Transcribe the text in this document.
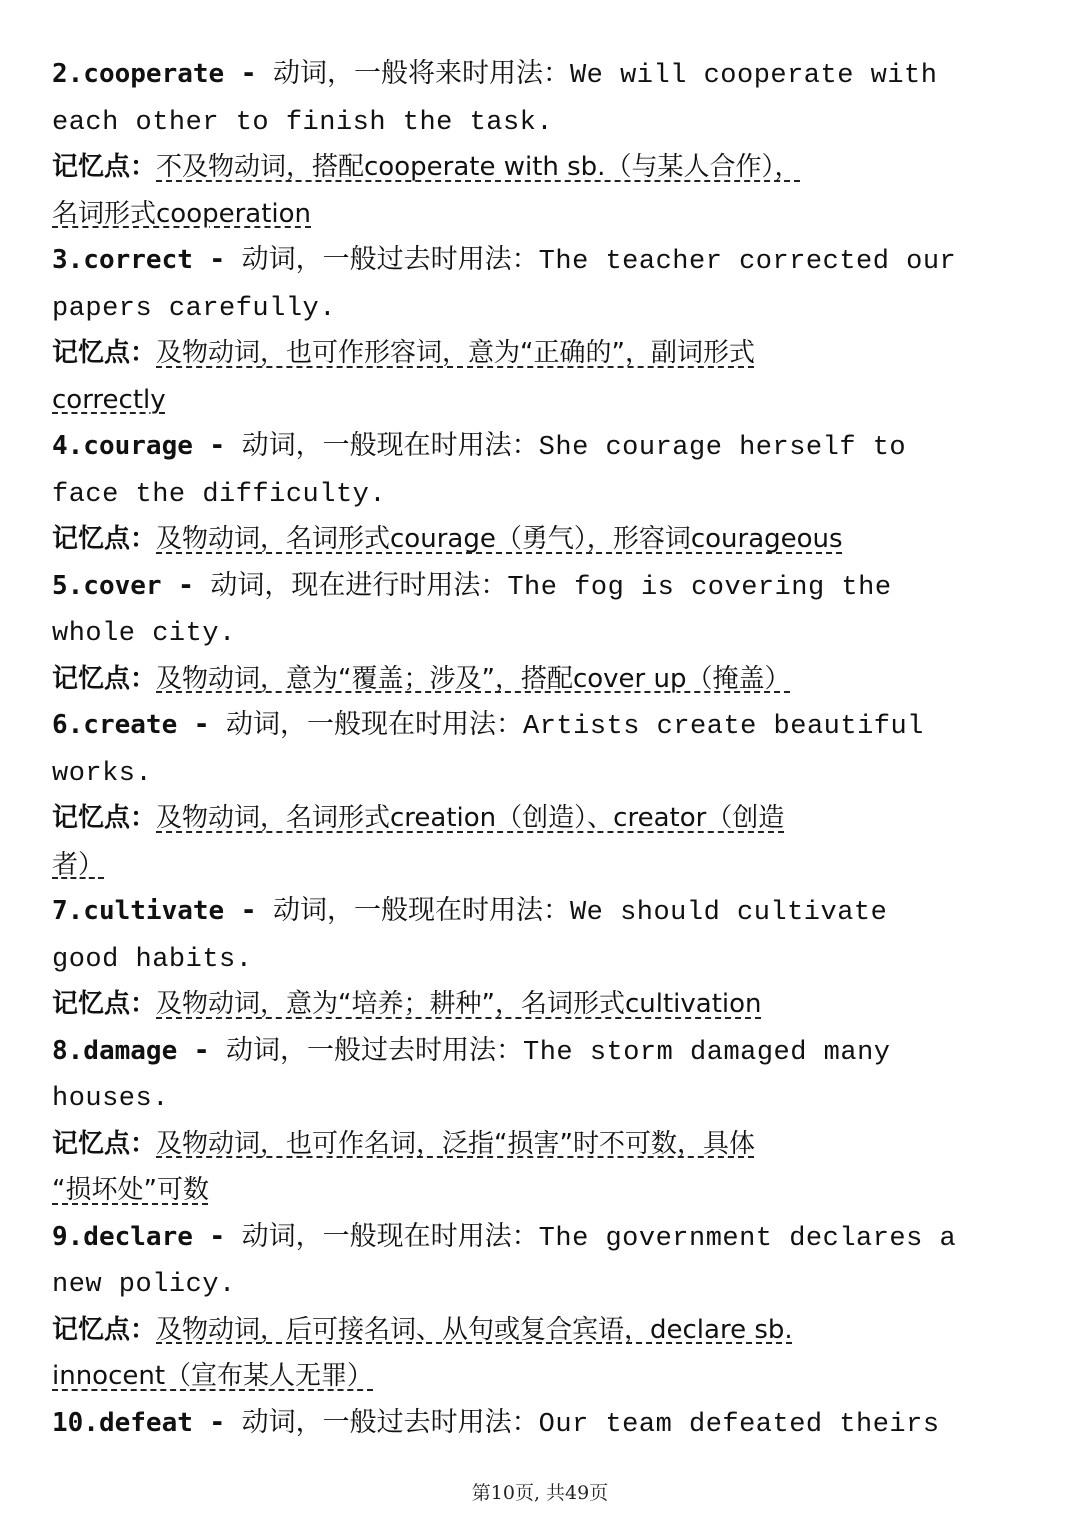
2.cooperate - 动词，一般将来时用法：We will cooperate with
each other to finish the task.
记忆点：不及物动词，搭配cooperate with sb.（与某人合作），
名词形式cooperation
3.correct - 动词，一般过去时用法：The teacher corrected our
papers carefully.
记忆点：及物动词，也可作形容词，意为“正确的”，副词形式
correctly
4.courage - 动词，一般现在时用法：She courage herself to
face the difficulty.
记忆点：及物动词，名词形式courage（勇气），形容词courageous
5.cover - 动词，现在进行时用法：The fog is covering the
whole city.
记忆点：及物动词，意为“覆盖；涉及”，搭配cover up（掩盖）
6.create - 动词，一般现在时用法：Artists create beautiful
works.
记忆点：及物动词，名词形式creation（创造）、creator（创造
者）
7.cultivate - 动词，一般现在时用法：We should cultivate
good habits.
记忆点：及物动词，意为“培养；耕种”，名词形式cultivation
8.damage - 动词，一般过去时用法：The storm damaged many
houses.
记忆点：及物动词，也可作名词，泛指“损害”时不可数，具体
“损坏处”可数
9.declare - 动词，一般现在时用法：The government declares a
new policy.
记忆点：及物动词，后可接名词、从句或复合宾语，declare sb.
innocent（宣布某人无罪）
10.defeat - 动词，一般过去时用法：Our team defeated theirs
第10页, 共49页
